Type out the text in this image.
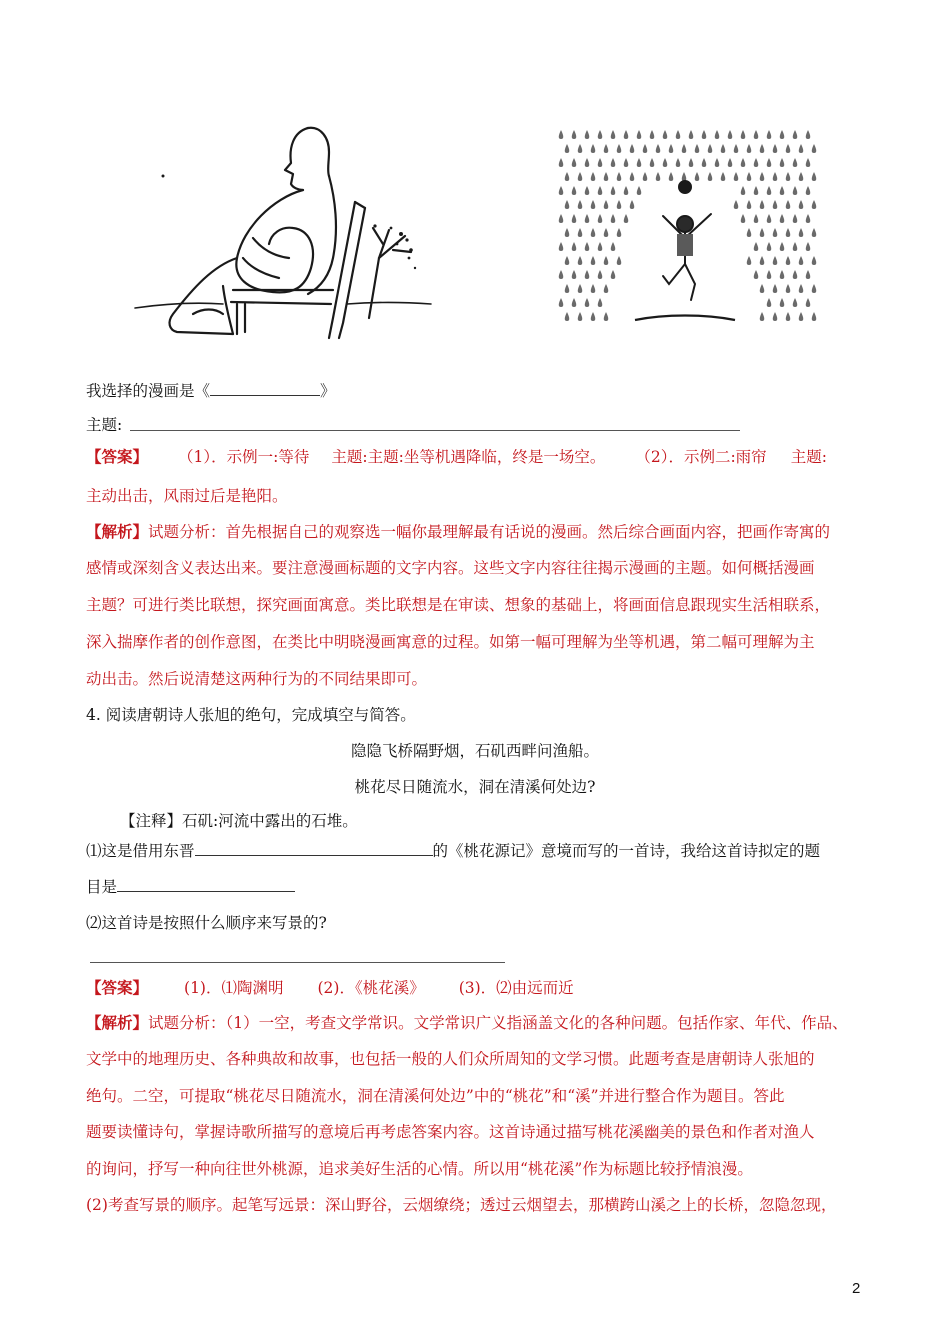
我选择的漫画是《	》
主题:
【答案】 （1）．示例一:等待 主题:主题:坐等机遇降临，终是一场空。 （2）．示例二:雨帘 主题:
主动出击，风雨过后是艳阳。
【解析】试题分析：首先根据自己的观察选一幅你最理解最有话说的漫画。然后综合画面内容，把画作寄寓的
感情或深刻含义表达出来。要注意漫画标题的文字内容。这些文字内容往往揭示漫画的主题。如何概括漫画
主题？可进行类比联想，探究画面寓意。类比联想是在审读、想象的基础上，将画面信息跟现实生活相联系，
深入揣摩作者的创作意图，在类比中明晓漫画寓意的过程。如第一幅可理解为坐等机遇，第二幅可理解为主
动出击。然后说清楚这两种行为的不同结果即可。
4. 阅读唐朝诗人张旭的绝句，完成填空与简答。
隐隐飞桥隔野烟，石矶西畔问渔船。
桃花尽日随流水，洞在清溪何处边?
【注释】石矶:河流中露出的石堆。
⑴这是借用东晋	的《桃花源记》意境而写的一首诗，我给这首诗拟定的题
目是
⑵这首诗是按照什么顺序来写景的?
【答案】 (1)．⑴陶渊明 (2)．《桃花溪》 (3)．⑵由远而近
【解析】试题分析：（1）一空，考查文学常识。文学常识广义指涵盖文化的各种问题。包括作家、年代、作品、
文学中的地理历史、各种典故和故事，也包括一般的人们众所周知的文学习惯。此题考查是唐朝诗人张旭的
绝句。二空，可提取“桃花尽日随流水，洞在清溪何处边”中的“桃花”和“溪”并进行整合作为题目。答此
题要读懂诗句，掌握诗歌所描写的意境后再考虑答案内容。这首诗通过描写桃花溪幽美的景色和作者对渔人
的询问，抒写一种向往世外桃源，追求美好生活的心情。所以用“桃花溪”作为标题比较抒情浪漫。
(2)考查写景的顺序。起笔写远景：深山野谷，云烟缭绕；透过云烟望去，那横跨山溪之上的长桥，忽隐忽现，
2
